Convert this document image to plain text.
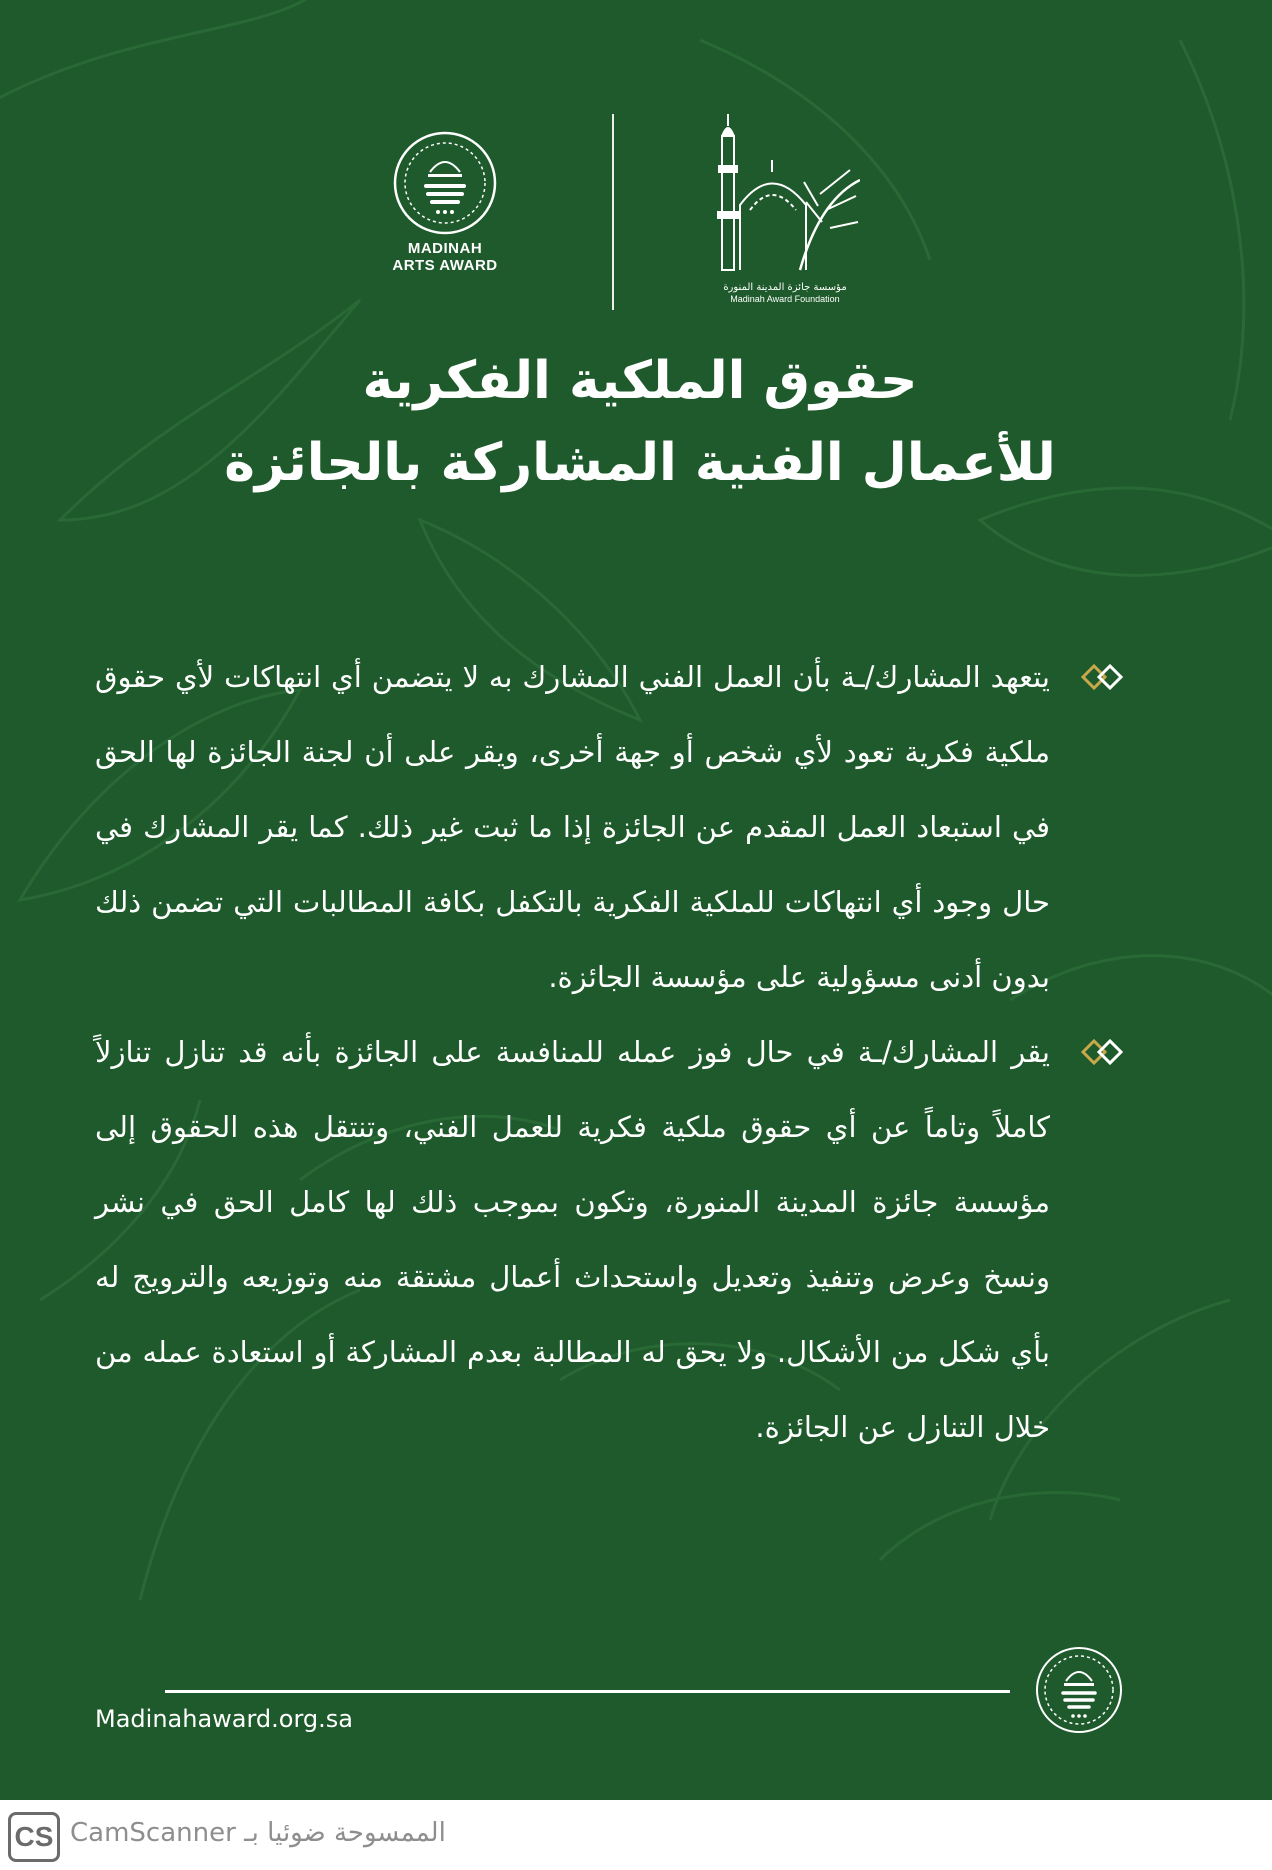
MADINAH
ARTS AWARD
مؤسسة جائزة المدينة المنورة
Madinah Award Foundation
حقوق الملكية الفكرية
للأعمال الفنية المشاركة بالجائزة
يتعهد المشارك/ـة بأن العمل الفني المشارك به لا يتضمن أي انتهاكات لأي حقوق ملكية فكرية تعود لأي شخص أو جهة أخرى، ويقر على أن لجنة الجائزة لها الحق في استبعاد العمل المقدم عن الجائزة إذا ما ثبت غير ذلك. كما يقر المشارك في حال وجود أي انتهاكات للملكية الفكرية بالتكفل بكافة المطالبات التي تضمن ذلك بدون أدنى مسؤولية على مؤسسة الجائزة.
يقر المشارك/ـة في حال فوز عمله للمنافسة على الجائزة بأنه قد تنازل تنازلاً كاملاً وتاماً عن أي حقوق ملكية فكرية للعمل الفني، وتنتقل هذه الحقوق إلى مؤسسة جائزة المدينة المنورة، وتكون بموجب ذلك لها كامل الحق في نشر ونسخ وعرض وتنفيذ وتعديل واستحداث أعمال مشتقة منه وتوزيعه والترويج له بأي شكل من الأشكال. ولا يحق له المطالبة بعدم المشاركة أو استعادة عمله من خلال التنازل عن الجائزة.
Madinahaward.org.sa
CS CamScanner الممسوحة ضوئيا بـ
